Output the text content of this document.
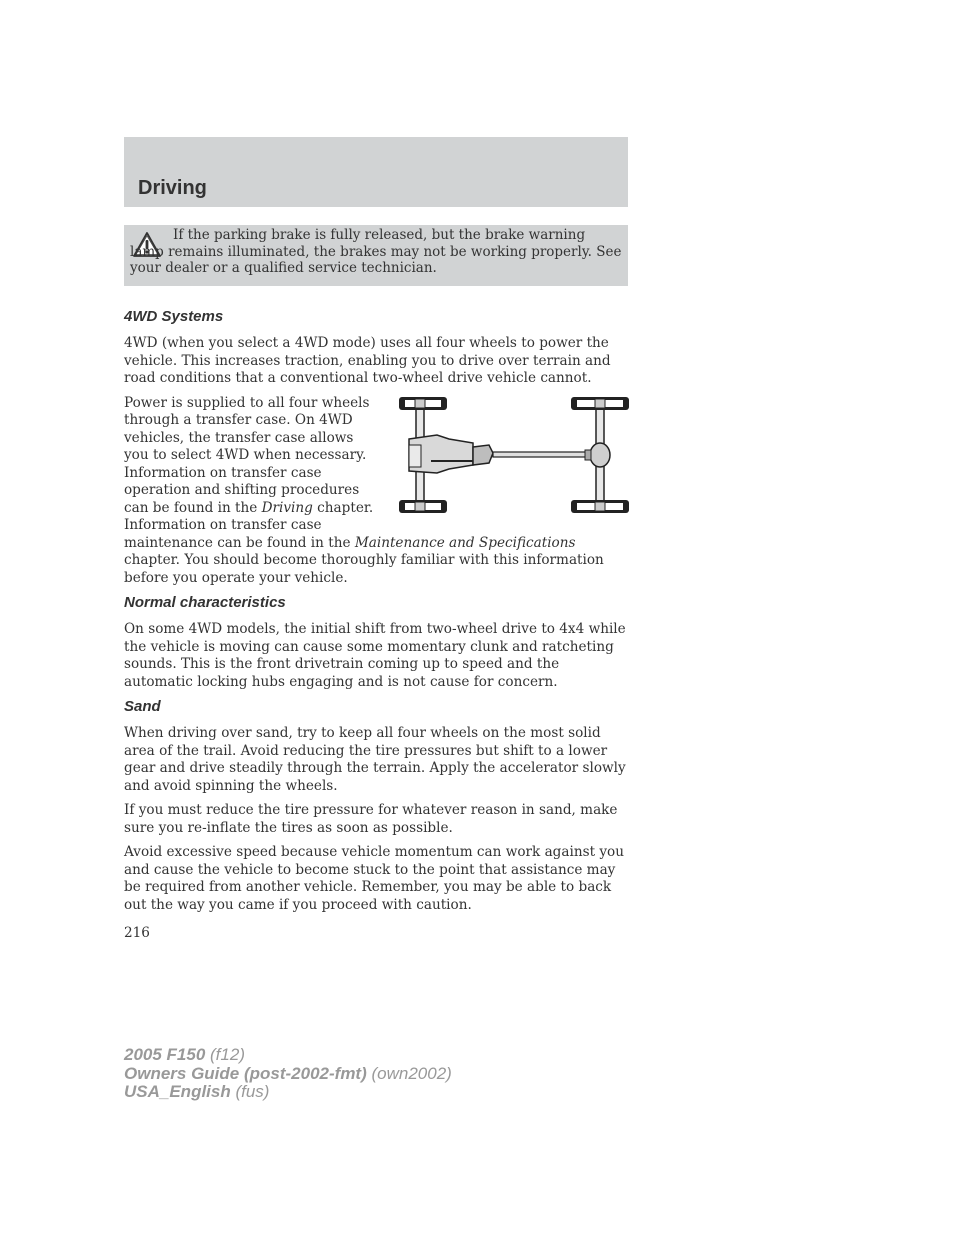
Driving

If the parking brake is fully released, but the brake warning lamp remains illuminated, the brakes may not be working properly. See your dealer or a qualified service technician.

4WD Systems

4WD (when you select a 4WD mode) uses all four wheels to power the vehicle. This increases traction, enabling you to drive over terrain and road conditions that a conventional two-wheel drive vehicle cannot.

Power is supplied to all four wheels through a transfer case. On 4WD vehicles, the transfer case allows you to select 4WD when necessary. Information on transfer case operation and shifting procedures can be found in the Driving chapter. Information on transfer case maintenance can be found in the Maintenance and Specifications chapter. You should become thoroughly familiar with this information before you operate your vehicle.

Normal characteristics

On some 4WD models, the initial shift from two-wheel drive to 4x4 while the vehicle is moving can cause some momentary clunk and ratcheting sounds. This is the front drivetrain coming up to speed and the automatic locking hubs engaging and is not cause for concern.

Sand

When driving over sand, try to keep all four wheels on the most solid area of the trail. Avoid reducing the tire pressures but shift to a lower gear and drive steadily through the terrain. Apply the accelerator slowly and avoid spinning the wheels.

If you must reduce the tire pressure for whatever reason in sand, make sure you re-inflate the tires as soon as possible.

Avoid excessive speed because vehicle momentum can work against you and cause the vehicle to become stuck to the point that assistance may be required from another vehicle. Remember, you may be able to back out the way you came if you proceed with caution.

216

2005 F150 (f12)
Owners Guide (post-2002-fmt) (own2002)
USA_English (fus)
